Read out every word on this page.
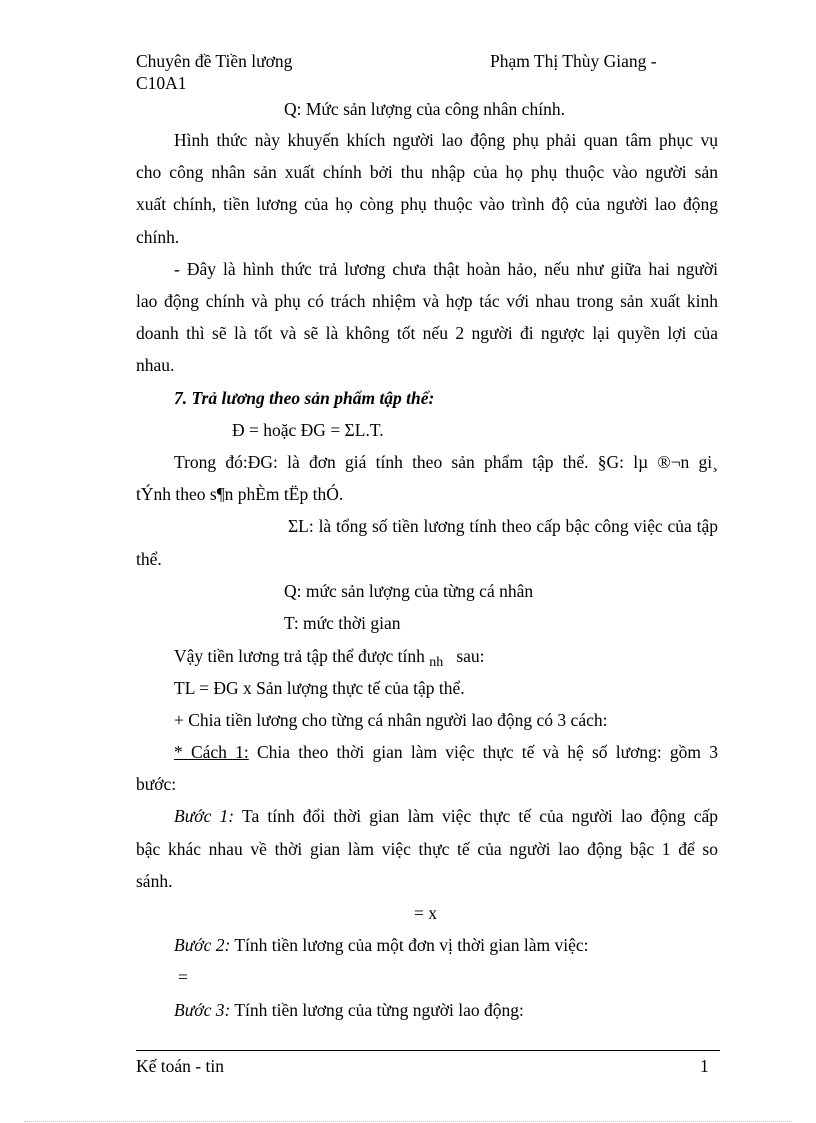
Chuyên đề Tiền lương	Phạm Thị Thùy Giang -
C10A1
Q: Mức sản lượng của công nhân chính.
Hình thức này khuyến khích người lao động phụ phải quan tâm phục vụ
cho công nhân sản xuất chính bởi thu nhập của họ phụ thuộc vào người sản
xuất chính, tiền lương của họ còng phụ thuộc vào trình độ của người lao động
chính.
- Đây là hình thức trả lương chưa thật hoàn hảo, nếu như giữa hai người
lao động chính và phụ có trách nhiệm và hợp tác với nhau trong sản xuất kinh
doanh thì sẽ là tốt và sẽ là không tốt nếu 2 người đi ngược lại quyền lợi của
nhau.
7. Trả lương theo sản phẩm tập thể:
Đ = hoặc ĐG = ΣL.T.
Trong đó:ĐG: là đơn giá tính theo sản phẩm tập thể. §G: lµ ®¬n gi¸
tÝnh theo s¶n phÈm tËp thÓ.
ΣL: là tổng số tiền lương tính theo cấp bậc công việc của tập
thể.
Q: mức sản lượng của từng cá nhân
T: mức thời gian
Vậy tiền lương trả tập thể được tính $_{nh}$ sau:
TL = ĐG x Sản lượng thực tế của tập thể.
+ Chia tiền lương cho từng cá nhân người lao động có 3 cách:
* Cách 1: Chia theo thời gian làm việc thực tế và hệ số lương: gồm 3
bước:
Bước 1: Ta tính đổi thời gian làm việc thực tế của người lao động cấp
bậc khác nhau về thời gian làm việc thực tế của người lao động bậc 1 để so
sánh.
= x
Bước 2: Tính tiền lương của một đơn vị thời gian làm việc:
=
Bước 3: Tính tiền lương của từng người lao động:
Kế toán - tin	1
